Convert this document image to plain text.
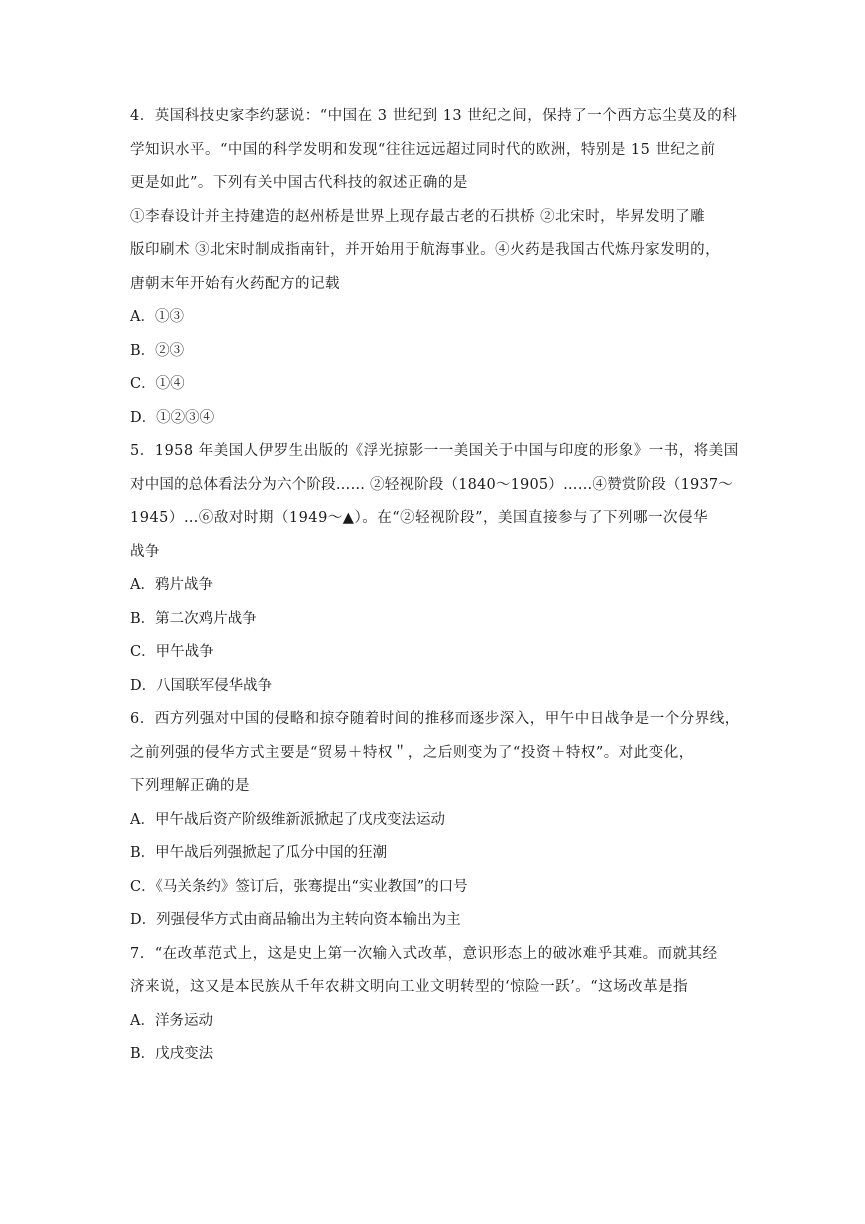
4．英国科技史家李约瑟说：“中国在 3 世纪到 13 世纪之间，保持了一个西方忘尘莫及的科
学知识水平。“中国的科学发明和发现“往往远远超过同时代的欧洲，特别是 15 世纪之前
更是如此”。下列有关中国古代科技的叙述正确的是
①李春设计并主持建造的赵州桥是世界上现存最古老的石拱桥 ②北宋时，毕昇发明了雕
版印刷术 ③北宋时制成指南针，并开始用于航海事业。④火药是我国古代炼丹家发明的，
唐朝末年开始有火药配方的记载
A．①③
B．②③
C．①④
D．①②③④
5．1958 年美国人伊罗生出版的《浮光掠影一一美国关于中国与印度的形象》一书，将美国
对中国的总体看法分为六个阶段…… ②轻视阶段（1840～1905）……④赞赏阶段（1937～
1945）…⑥敌对时期（1949～▲）。在“②轻视阶段”，美国直接参与了下列哪一次侵华
战争
A．鸦片战争
B．第二次鸡片战争
C．甲午战争
D．八国联军侵华战争
6．西方列强对中国的侵略和掠夺随着时间的推移而逐步深入，甲午中日战争是一个分界线，
之前列强的侵华方式主要是“贸易＋特权＂，之后则变为了“投资＋特权”。对此变化，
下列理解正确的是
A．甲午战后资产阶级维新派掀起了戊戌变法运动
B．甲午战后列强掀起了瓜分中国的狂潮
C．《马关条约》签订后，张骞提出“实业教国”的口号
D．列强侵华方式由商品输出为主转向资本输出为主
7．“在改革范式上，这是史上第一次输入式改革，意识形态上的破冰难乎其难。而就其经
济来说，这又是本民族从千年农耕文明向工业文明转型的‘惊险一跃’。“这场改革是指
A．洋务运动
B．戊戌变法
